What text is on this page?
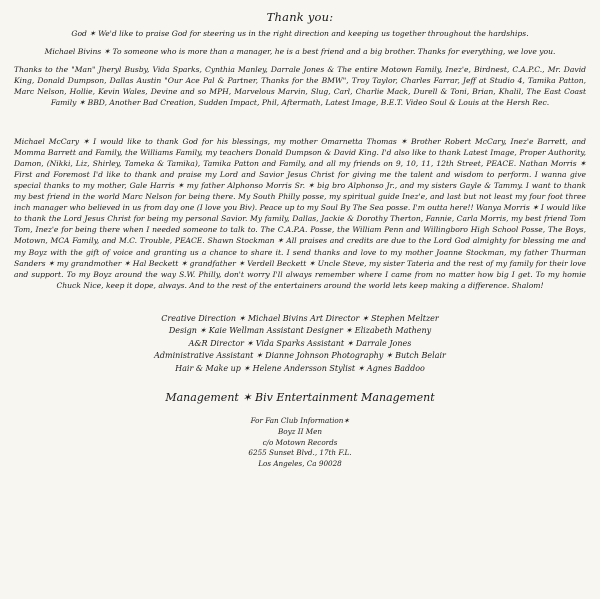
Thank you:

God ✶ We'd like to praise God for steering us in the right direction and keeping us together throughout the hardships.

Michael Bivins ✶ To someone who is more than a manager, he is a best friend and a big brother. Thanks for everything, we love you.

Thanks to the "Man" Jheryl Busby, Vida Sparks, Cynthia Manley, Darrale Jones & The entire Motown Family, Inez'e, Birdnest, C.A.P.C., Mr. David King, Donald Dumpson, Dallas Austin "Our Ace Pal & Partner, Thanks for the BMW", Troy Taylor, Charles Farrar, Jeff at Studio 4, Tamika Patton, Marc Nelson, Hollie, Kevin Wales, Devine and so MPH, Marvelous Marvin, Slug, Carl, Charlie Mack, Durell & Toni, Brian, Khalil, The East Coast Family ✶ BBD, Another Bad Creation, Sudden Impact, Phil, Aftermath, Latest Image, B.E.T. Video Soul & Louis at the Hersh Rec.

Michael McCary ✶ I would like to thank God for his blessings, my mother Omarnetta Thomas ✶ Brother Robert McCary, Inez'e Barrett, and Momma Barrett and Family, the Williams Family, my teachers Donald Dumpson & David King. I'd also like to thank Latest Image, Proper Authority, Damon, (Nikki, Liz, Shirley, Tameka & Tamika), Tamika Patton and Family, and all my friends on 9, 10, 11, 12th Street, PEACE. Nathan Morris ✶ First and Foremost I'd like to thank and praise my Lord and Savior Jesus Christ for giving me the talent and wisdom to perform. I wanna give special thanks to my mother, Gale Harris ✶ my father Alphonso Morris Sr. ✶ big bro Alphonso Jr., and my sisters Gayle & Tammy. I want to thank my best friend in the world Marc Nelson for being there. My South Philly posse, my spiritual guide Inez'e, and last but not least my four foot three inch manager who believed in us from day one (I love you Biv). Peace up to my Soul By The Sea posse. I'm outta here!! Wanya Morris ✶ I would like to thank the Lord Jesus Christ for being my personal Savior. My family, Dallas, Jackie & Dorothy Therton, Fannie, Carla Morris, my best friend Tom Tom, Inez'e for being there when I needed someone to talk to. The C.A.P.A. Posse, the William Penn and Willingboro High School Posse, The Boys, Motown, MCA Family, and M.C. Trouble, PEACE. Shawn Stockman ✶ All praises and credits are due to the Lord God almighty for blessing me and my Boyz with the gift of voice and granting us a chance to share it. I send thanks and love to my mother Joanne Stockman, my father Thurman Sanders ✶ my grandmother ✶ Hal Beckett ✶ grandfather ✶ Verdell Beckett ✶ Uncle Steve, my sister Tateria and the rest of my family for their love and support. To my Boyz around the way S.W. Philly, don't worry I'll always remember where I came from no matter how big I get. To my homie Chuck Nice, keep it dope, always. And to the rest of the entertainers around the world lets keep making a difference. Shalom!

Creative Direction ✶ Michael Bivins Art Director ✶ Stephen Meltzer
Design ✶ Kaie Wellman Assistant Designer ✶ Elizabeth Matheny
A&R Director ✶ Vida Sparks Assistant ✶ Darrale Jones
Administrative Assistant ✶ Dianne Johnson Photography ✶ Butch Belair
Hair & Make up ✶ Helene Andersson Stylist ✶ Agnes Baddoo
Management ✶ Biv Entertainment Management
For Fan Club Information✶
Boyz II Men
c/o Motown Records
6255 Sunset Blvd., 17th F.L.
Los Angeles, Ca 90028
